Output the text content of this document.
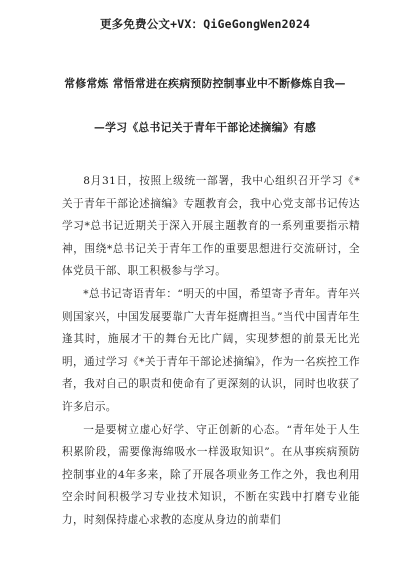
更多免费公文+VX：QiGeGongWen2024
常修常炼 常悟常进在疾病预防控制事业中不断修炼自我—
—学习《总书记关于青年干部论述摘编》有感

8月31日，按照上级统一部署，我中心组织召开学习《*关于青年干部论述摘编》专题教育会，我中心党支部书记传达学习*总书记近期关于深入开展主题教育的一系列重要指示精神，围绕*总书记关于青年工作的重要思想进行交流研讨，全体党员干部、职工积极参与学习。

*总书记寄语青年：“明天的中国，希望寄予青年。青年兴则国家兴，中国发展要靠广大青年挺膺担当。”当代中国青年生逢其时，施展才干的舞台无比广阔，实现梦想的前景无比光明，通过学习《*关于青年干部论述摘编》，作为一名疾控工作者，我对自己的职责和使命有了更深刻的认识，同时也收获了许多启示。

一是要树立虚心好学、守正创新的心态。“青年处于人生积累阶段，需要像海绵吸水一样汲取知识”。在从事疾病预防控制事业的4年多来，除了开展各项业务工作之外，我也利用空余时间积极学习专业技术知识，不断在实践中打磨专业能力，时刻保持虚心求教的态度从身边的前辈们
